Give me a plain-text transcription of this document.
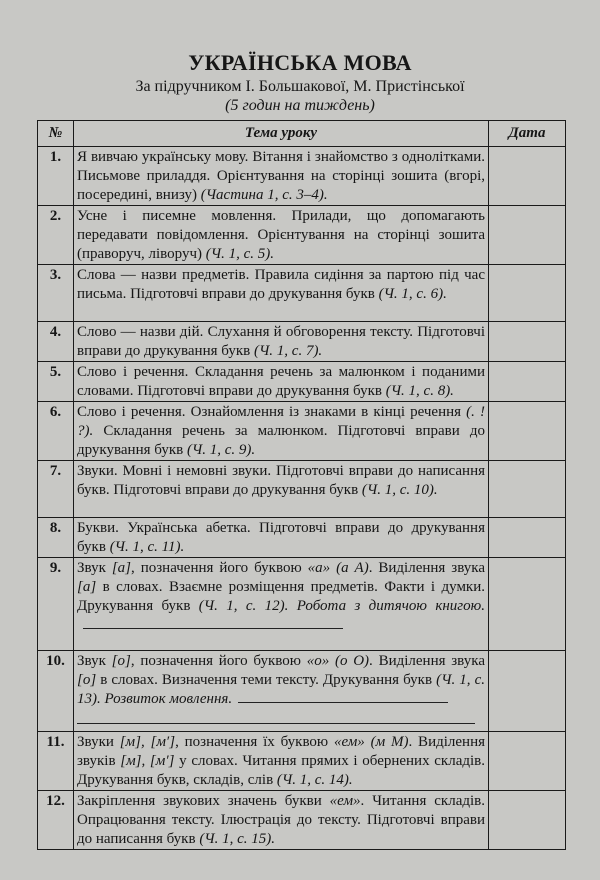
УКРАЇНСЬКА МОВА
За підручником І. Большакової, М. Пристінської
(5 годин на тиждень)
№	Тема уроку	Дата
1.	Я вивчаю українську мову. Вітання і знайомство з однолітками. Письмове приладдя. Орієнтування на сторінці зошита (вгорі, посередині, внизу) (Частина 1, с. 3–4).	
2.	Усне і писемне мовлення. Прилади, що допомагають передавати повідомлення. Орієнтування на сторінці зошита (праворуч, ліворуч) (Ч. 1, с. 5).	
3.	Слова — назви предметів. Правила сидіння за партою під час письма. Підготовчі вправи до друкування букв (Ч. 1, с. 6).	
4.	Слово — назви дій. Слухання й обговорення тексту. Підготовчі вправи до друкування букв (Ч. 1, с. 7).	
5.	Слово і речення. Складання речень за малюнком і поданими словами. Підготовчі вправи до друкування букв (Ч. 1, с. 8).	
6.	Слово і речення. Ознайомлення із знаками в кінці речення (. ! ?). Складання речень за малюнком. Підготовчі вправи до друкування букв (Ч. 1, с. 9).	
7.	Звуки. Мовні і немовні звуки. Підготовчі вправи до написання букв. Підготовчі вправи до друкування букв (Ч. 1, с. 10).	
8.	Букви. Українська абетка. Підготовчі вправи до друкування букв (Ч. 1, с. 11).	
9.	Звук [а], позначення його буквою «а» (а А). Виділення звука [а] в словах. Взаємне розміщення предметів. Факти і думки. Друкування букв (Ч. 1, с. 12). Робота з дитячою книгою.

10.	Звук [о], позначення його буквою «о» (о О). Виділення звука [о] в словах. Визначення теми тексту. Друкування букв (Ч. 1, с. 13). Розвиток мовлення.

11.	Звуки [м], [м′], позначення їх буквою «ем» (м М). Виділення звуків [м], [м′] у словах. Читання прямих і обернених складів. Друкування букв, складів, слів (Ч. 1, с. 14).	
12.	Закріплення звукових значень букви «ем». Читання складів. Опрацювання тексту. Ілюстрація до тексту. Підготовчі вправи до написання букв (Ч. 1, с. 15).	
